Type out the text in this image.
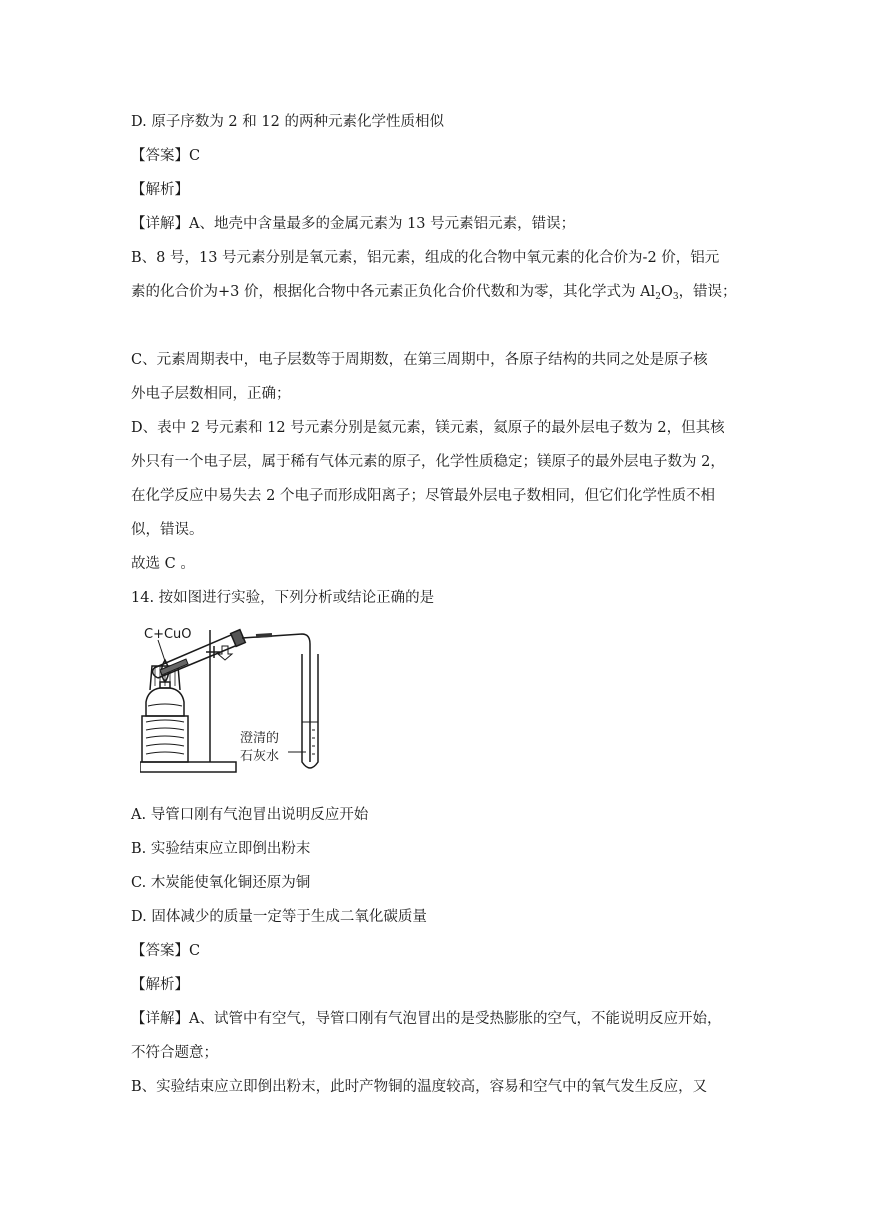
D. 原子序数为 2 和 12 的两种元素化学性质相似
【答案】C
【解析】
【详解】A、地壳中含量最多的金属元素为 13 号元素铝元素，错误；
B、8 号，13 号元素分别是氧元素，铝元素，组成的化合物中氧元素的化合价为-2 价，铝元
素的化合价为+3 价，根据化合物中各元素正负化合价代数和为零，其化学式为 $Al_2O_3$，错误；
C、元素周期表中，电子层数等于周期数，在第三周期中，各原子结构的共同之处是原子核
外电子层数相同，正确；
D、表中 2 号元素和 12 号元素分别是氦元素，镁元素，氦原子的最外层电子数为 2，但其核
外只有一个电子层，属于稀有气体元素的原子，化学性质稳定；镁原子的最外层电子数为 2，
在化学反应中易失去 2 个电子而形成阳离子；尽管最外层电子数相同，但它们化学性质不相
似，错误。
故选 C 。
14. 按如图进行实验，下列分析或结论正确的是
C+CuO
澄清的
石灰水
A. 导管口刚有气泡冒出说明反应开始
B. 实验结束应立即倒出粉末
C. 木炭能使氧化铜还原为铜
D. 固体减少的质量一定等于生成二氧化碳质量
【答案】C
【解析】
【详解】A、试管中有空气，导管口刚有气泡冒出的是受热膨胀的空气，不能说明反应开始，
不符合题意；
B、实验结束应立即倒出粉末，此时产物铜的温度较高，容易和空气中的氧气发生反应，又
